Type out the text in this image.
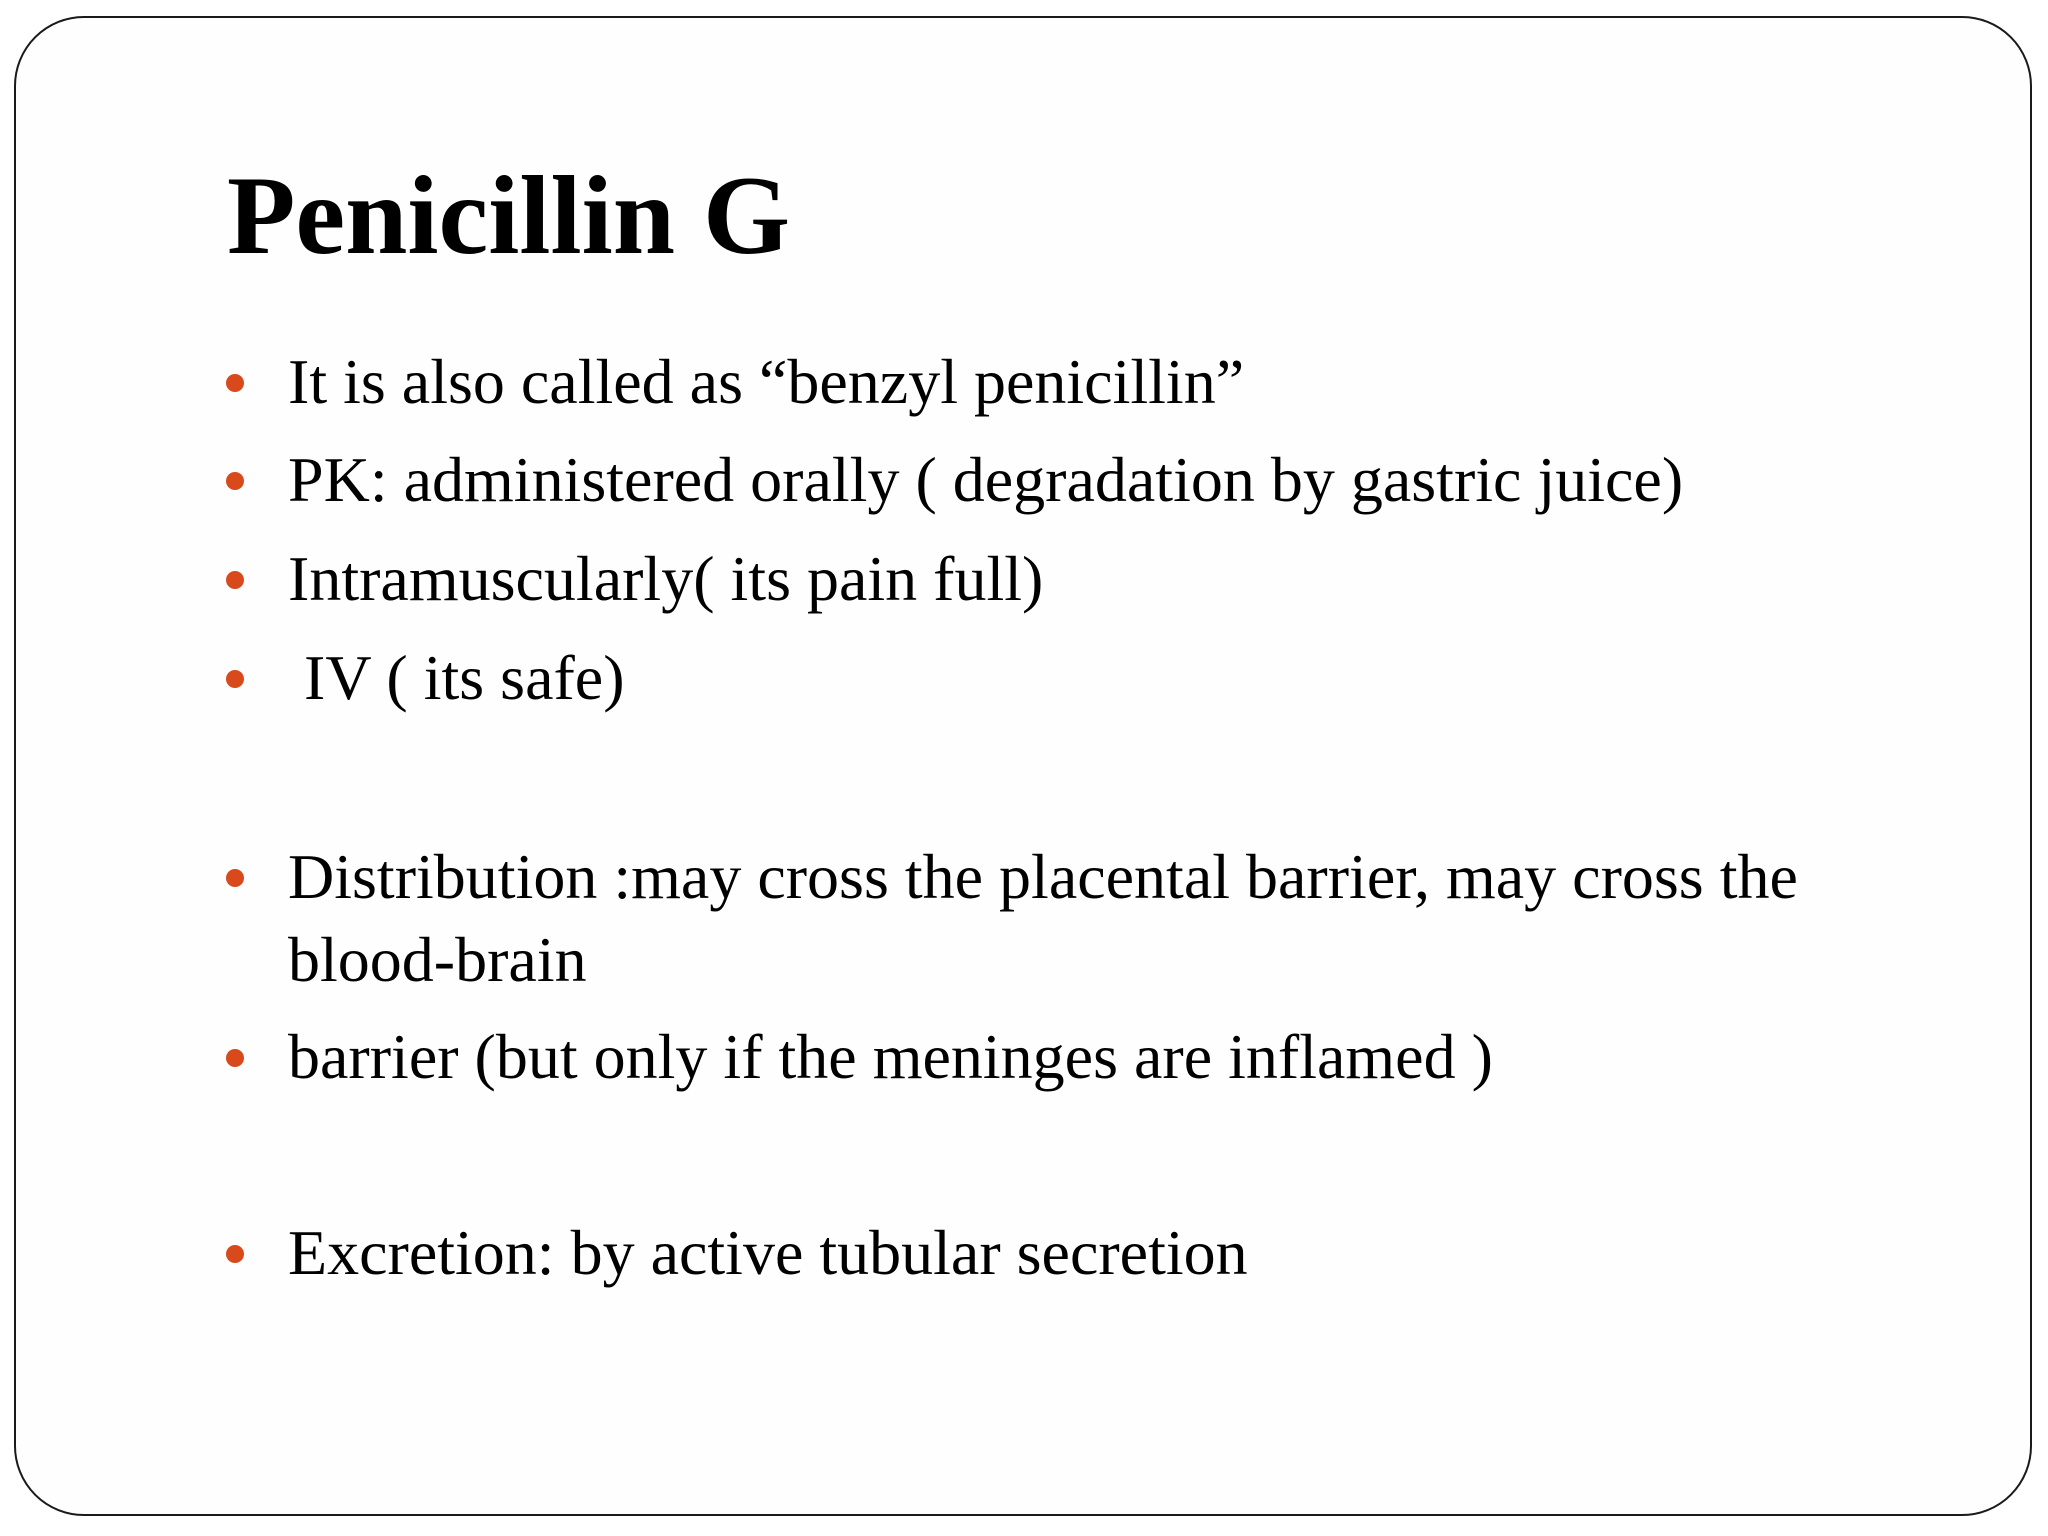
Penicillin G
It is also called as “benzyl penicillin”
PK: administered orally ( degradation by gastric juice)
Intramuscularly( its pain full)
IV ( its safe)
Distribution :may cross the placental barrier, may cross the blood-brain
barrier (but only if the meninges are inflamed )
Excretion: by active tubular secretion
